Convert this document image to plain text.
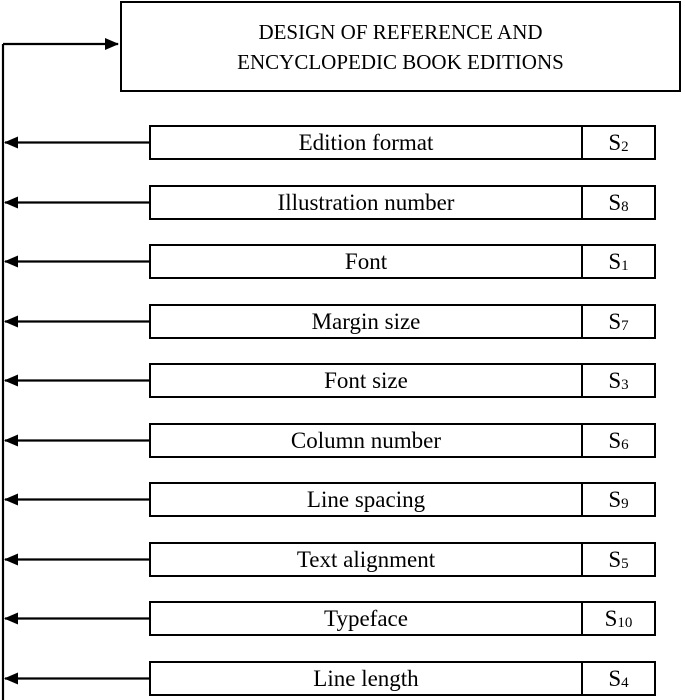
DESIGN OF REFERENCE AND
ENCYCLOPEDIC BOOK EDITIONS
Edition format	$S_2$
Illustration number	$S_8$
Font	$S_1$
Margin size	$S_7$
Font size	$S_3$
Column number	$S_6$
Line spacing	$S_9$
Text alignment	$S_5$
Typeface	$S_{10}$
Line length	$S_4$
